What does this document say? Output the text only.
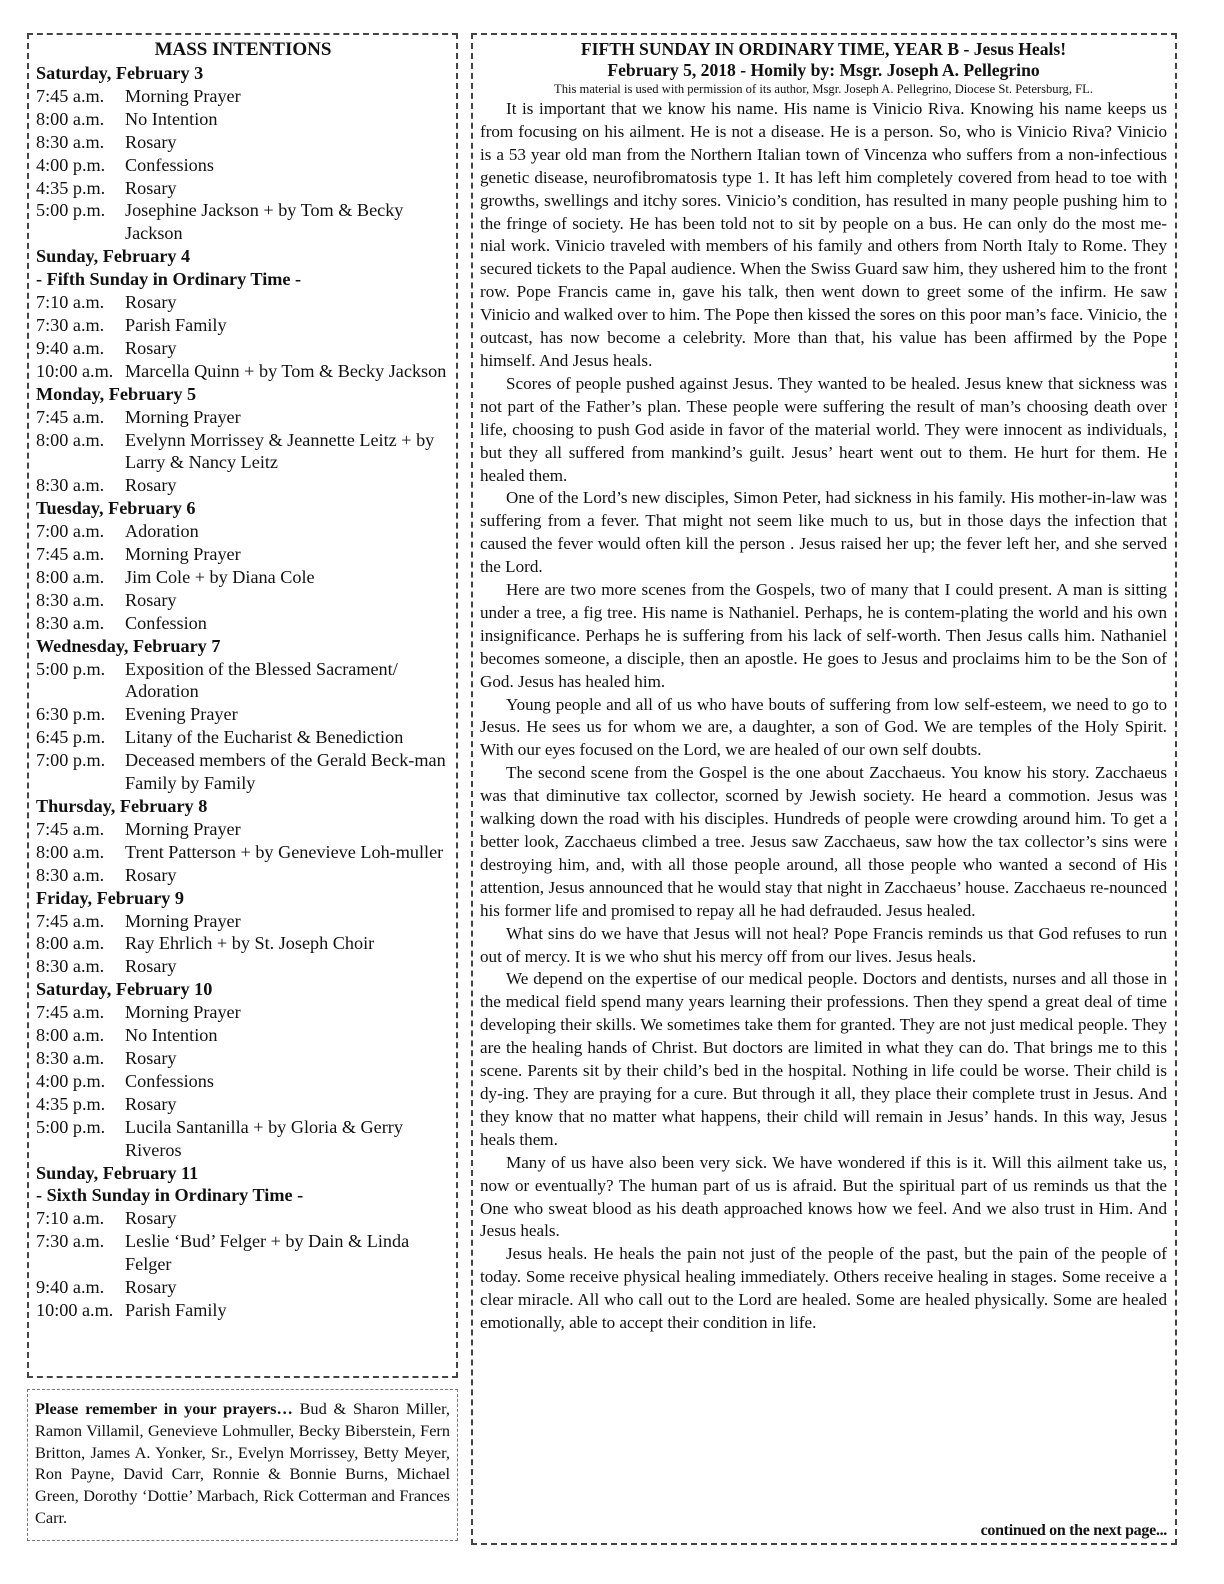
MASS INTENTIONS
Saturday, February 3
7:45 a.m.	Morning Prayer
8:00 a.m.	No Intention
8:30 a.m.	Rosary
4:00 p.m.	Confessions
4:35 p.m.	Rosary
5:00 p.m.	Josephine Jackson + by Tom & Becky Jackson
Sunday, February 4
- Fifth Sunday in Ordinary Time -
7:10 a.m.	Rosary
7:30 a.m.	Parish Family
9:40 a.m.	Rosary
10:00 a.m. Marcella Quinn + by Tom & Becky Jackson
Monday, February 5
7:45 a.m.	Morning Prayer
8:00 a.m.	Evelynn Morrissey & Jeannette Leitz + by Larry & Nancy Leitz
8:30 a.m.	Rosary
Tuesday, February 6
7:00 a.m.	Adoration
7:45 a.m.	Morning Prayer
8:00 a.m.	Jim Cole + by Diana Cole
8:30 a.m.	Rosary
8:30 a.m.	Confession
Wednesday, February 7
5:00 p.m.	Exposition of the Blessed Sacrament/ Adoration
6:30 p.m.	Evening Prayer
6:45 p.m.	Litany of the Eucharist & Benediction
7:00 p.m.	Deceased members of the Gerald Beck-man Family by Family
Thursday, February 8
7:45 a.m.	Morning Prayer
8:00 a.m.	Trent Patterson + by Genevieve Loh-muller
8:30 a.m.	Rosary
Friday, February 9
7:45 a.m.	Morning Prayer
8:00 a.m.	Ray Ehrlich + by St. Joseph Choir
8:30 a.m.	Rosary
Saturday, February 10
7:45 a.m.	Morning Prayer
8:00 a.m.	No Intention
8:30 a.m.	Rosary
4:00 p.m.	Confessions
4:35 p.m.	Rosary
5:00 p.m.	Lucila Santanilla + by Gloria & Gerry Riveros
Sunday, February 11
- Sixth Sunday in Ordinary Time -
7:10 a.m.	Rosary
7:30 a.m.	Leslie ‘Bud’ Felger + by Dain & Linda Felger
9:40 a.m.	Rosary
10:00 a.m. Parish Family

Please remember in your prayers… Bud & Sharon Miller, Ramon Villamil, Genevieve Lohmuller, Becky Biberstein, Fern Britton, James A. Yonker, Sr., Evelyn Morrissey, Betty Meyer, Ron Payne, David Carr, Ronnie & Bonnie Burns, Michael Green, Dorothy ‘Dottie’ Marbach, Rick Cotterman and Frances Carr.

FIFTH SUNDAY IN ORDINARY TIME, YEAR B - Jesus Heals!

February 5, 2018 - Homily by: Msgr. Joseph A. Pellegrino

This material is used with permission of its author, Msgr. Joseph A. Pellegrino, Diocese St. Petersburg, FL.

It is important that we know his name. His name is Vinicio Riva. Knowing his name keeps us from focusing on his ailment. He is not a disease. He is a person. So, who is Vinicio Riva? Vinicio is a 53 year old man from the Northern Italian town of Vincenza who suffers from a non-infectious genetic disease, neurofibromatosis type 1. It has left him completely covered from head to toe with growths, swellings and itchy sores. Vinicio’s condition, has resulted in many people pushing him to the fringe of society. He has been told not to sit by people on a bus. He can only do the most me-nial work. Vinicio traveled with members of his family and others from North Italy to Rome. They secured tickets to the Papal audience. When the Swiss Guard saw him, they ushered him to the front row. Pope Francis came in, gave his talk, then went down to greet some of the infirm. He saw Vinicio and walked over to him. The Pope then kissed the sores on this poor man’s face. Vinicio, the outcast, has now become a celebrity. More than that, his value has been affirmed by the Pope himself. And Jesus heals.

Scores of people pushed against Jesus. They wanted to be healed. Jesus knew that sickness was not part of the Father’s plan. These people were suffering the result of man’s choosing death over life, choosing to push God aside in favor of the material world. They were innocent as individuals, but they all suffered from mankind’s guilt. Jesus’ heart went out to them. He hurt for them. He healed them.

One of the Lord’s new disciples, Simon Peter, had sickness in his family. His mother-in-law was suffering from a fever. That might not seem like much to us, but in those days the infection that caused the fever would often kill the person . Jesus raised her up; the fever left her, and she served the Lord.

Here are two more scenes from the Gospels, two of many that I could present. A man is sitting under a tree, a fig tree. His name is Nathaniel. Perhaps, he is contem-plating the world and his own insignificance. Perhaps he is suffering from his lack of self-worth. Then Jesus calls him. Nathaniel becomes someone, a disciple, then an apostle. He goes to Jesus and proclaims him to be the Son of God. Jesus has healed him.

Young people and all of us who have bouts of suffering from low self-esteem, we need to go to Jesus. He sees us for whom we are, a daughter, a son of God. We are temples of the Holy Spirit. With our eyes focused on the Lord, we are healed of our own self doubts.

The second scene from the Gospel is the one about Zacchaeus. You know his story. Zacchaeus was that diminutive tax collector, scorned by Jewish society. He heard a commotion. Jesus was walking down the road with his disciples. Hundreds of people were crowding around him. To get a better look, Zacchaeus climbed a tree. Jesus saw Zacchaeus, saw how the tax collector’s sins were destroying him, and, with all those people around, all those people who wanted a second of His attention, Jesus announced that he would stay that night in Zacchaeus’ house. Zacchaeus re-nounced his former life and promised to repay all he had defrauded. Jesus healed.

What sins do we have that Jesus will not heal? Pope Francis reminds us that God refuses to run out of mercy. It is we who shut his mercy off from our lives. Jesus heals.

We depend on the expertise of our medical people. Doctors and dentists, nurses and all those in the medical field spend many years learning their professions. Then they spend a great deal of time developing their skills. We sometimes take them for granted. They are not just medical people. They are the healing hands of Christ. But doctors are limited in what they can do. That brings me to this scene. Parents sit by their child’s bed in the hospital. Nothing in life could be worse. Their child is dy-ing. They are praying for a cure. But through it all, they place their complete trust in Jesus. And they know that no matter what happens, their child will remain in Jesus’ hands. In this way, Jesus heals them.

Many of us have also been very sick. We have wondered if this is it. Will this ailment take us, now or eventually? The human part of us is afraid. But the spiritual part of us reminds us that the One who sweat blood as his death approached knows how we feel. And we also trust in Him. And Jesus heals.

Jesus heals. He heals the pain not just of the people of the past, but the pain of the people of today. Some receive physical healing immediately. Others receive healing in stages. Some receive a clear miracle. All who call out to the Lord are healed. Some are healed physically. Some are healed emotionally, able to accept their condition in life.

continued on the next page...
